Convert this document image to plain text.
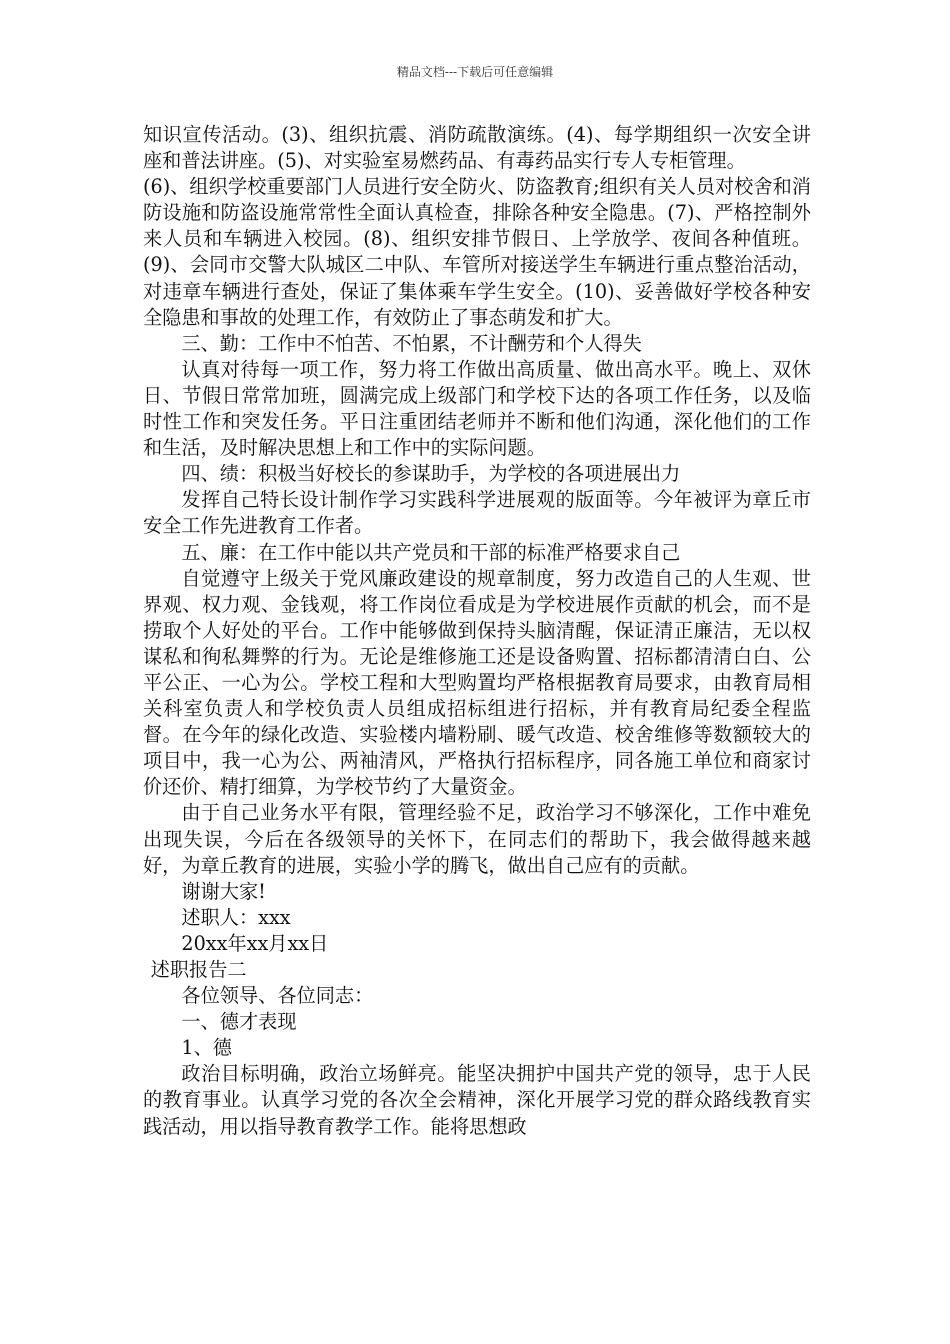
精品文档---下载后可任意编辑

知识宣传活动。(3)、组织抗震、消防疏散演练。(4)、每学期组织一次安全讲座和普法讲座。(5)、对实验室易燃药品、有毒药品实行专人专柜管理。

(6)、组织学校重要部门人员进行安全防火、防盗教育;组织有关人员对校舍和消防设施和防盗设施常常性全面认真检查，排除各种安全隐患。(7)、严格控制外来人员和车辆进入校园。(8)、组织安排节假日、上学放学、夜间各种值班。(9)、会同市交警大队城区二中队、车管所对接送学生车辆进行重点整治活动，对违章车辆进行查处，保证了集体乘车学生安全。(10)、妥善做好学校各种安全隐患和事故的处理工作，有效防止了事态萌发和扩大。

三、勤：工作中不怕苦、不怕累，不计酬劳和个人得失

认真对待每一项工作，努力将工作做出高质量、做出高水平。晚上、双休日、节假日常常加班，圆满完成上级部门和学校下达的各项工作任务，以及临时性工作和突发任务。平日注重团结老师并不断和他们沟通，深化他们的工作和生活，及时解决思想上和工作中的实际问题。

四、绩：积极当好校长的参谋助手，为学校的各项进展出力

发挥自己特长设计制作学习实践科学进展观的版面等。今年被评为章丘市安全工作先进教育工作者。

五、廉：在工作中能以共产党员和干部的标准严格要求自己

自觉遵守上级关于党风廉政建设的规章制度，努力改造自己的人生观、世界观、权力观、金钱观，将工作岗位看成是为学校进展作贡献的机会，而不是捞取个人好处的平台。工作中能够做到保持头脑清醒，保证清正廉洁，无以权谋私和徇私舞弊的行为。无论是维修施工还是设备购置、招标都清清白白、公平公正、一心为公。学校工程和大型购置均严格根据教育局要求，由教育局相关科室负责人和学校负责人员组成招标组进行招标，并有教育局纪委全程监督。在今年的绿化改造、实验楼内墙粉刷、暖气改造、校舍维修等数额较大的项目中，我一心为公、两袖清风，严格执行招标程序，同各施工单位和商家讨价还价、精打细算，为学校节约了大量资金。

由于自己业务水平有限，管理经验不足，政治学习不够深化，工作中难免出现失误，今后在各级领导的关怀下，在同志们的帮助下，我会做得越来越好，为章丘教育的进展，实验小学的腾飞，做出自己应有的贡献。

谢谢大家!

述职人：xxx

20xx年xx月xx日

述职报告二

各位领导、各位同志：

一、德才表现

1、德

政治目标明确，政治立场鲜亮。能坚决拥护中国共产党的领导，忠于人民的教育事业。认真学习党的各次全会精神，深化开展学习党的群众路线教育实践活动，用以指导教育教学工作。能将思想政
